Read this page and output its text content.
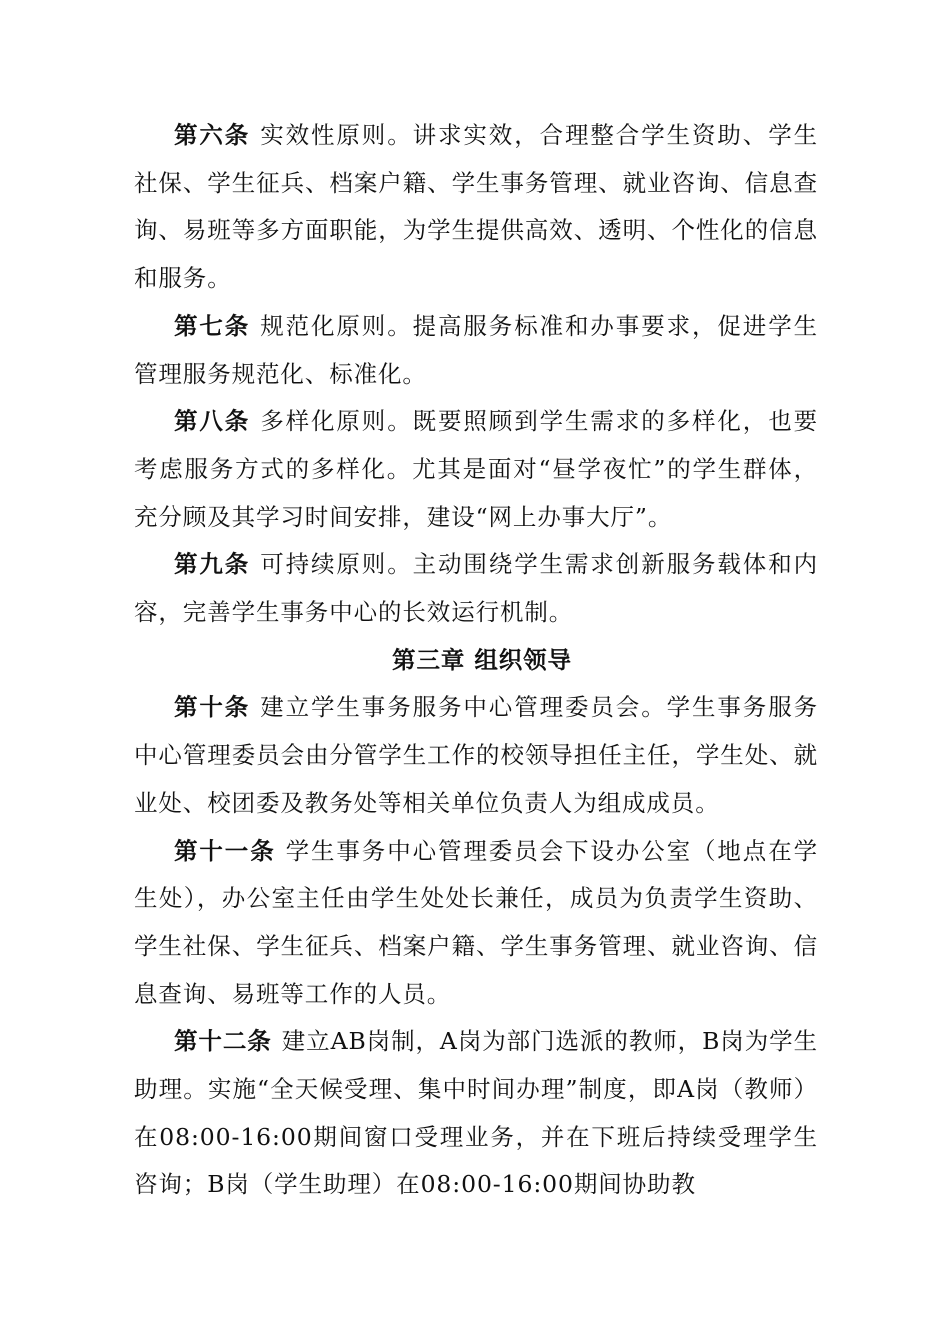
第六条 实效性原则。讲求实效，合理整合学生资助、学生社保、学生征兵、档案户籍、学生事务管理、就业咨询、信息查询、易班等多方面职能，为学生提供高效、透明、个性化的信息和服务。

第七条 规范化原则。提高服务标准和办事要求，促进学生管理服务规范化、标准化。

第八条 多样化原则。既要照顾到学生需求的多样化，也要考虑服务方式的多样化。尤其是面对“昼学夜忙”的学生群体，充分顾及其学习时间安排，建设“网上办事大厅”。

第九条 可持续原则。主动围绕学生需求创新服务载体和内容，完善学生事务中心的长效运行机制。

第三章 组织领导

第十条 建立学生事务服务中心管理委员会。学生事务服务中心管理委员会由分管学生工作的校领导担任主任，学生处、就业处、校团委及教务处等相关单位负责人为组成成员。

第十一条 学生事务中心管理委员会下设办公室（地点在学生处），办公室主任由学生处处长兼任，成员为负责学生资助、学生社保、学生征兵、档案户籍、学生事务管理、就业咨询、信息查询、易班等工作的人员。

第十二条 建立AB岗制，A岗为部门选派的教师，B岗为学生助理。实施“全天候受理、集中时间办理”制度，即A岗（教师）在08:00-16:00期间窗口受理业务，并在下班后持续受理学生咨询；B岗（学生助理）在08:00-16:00期间协助教
